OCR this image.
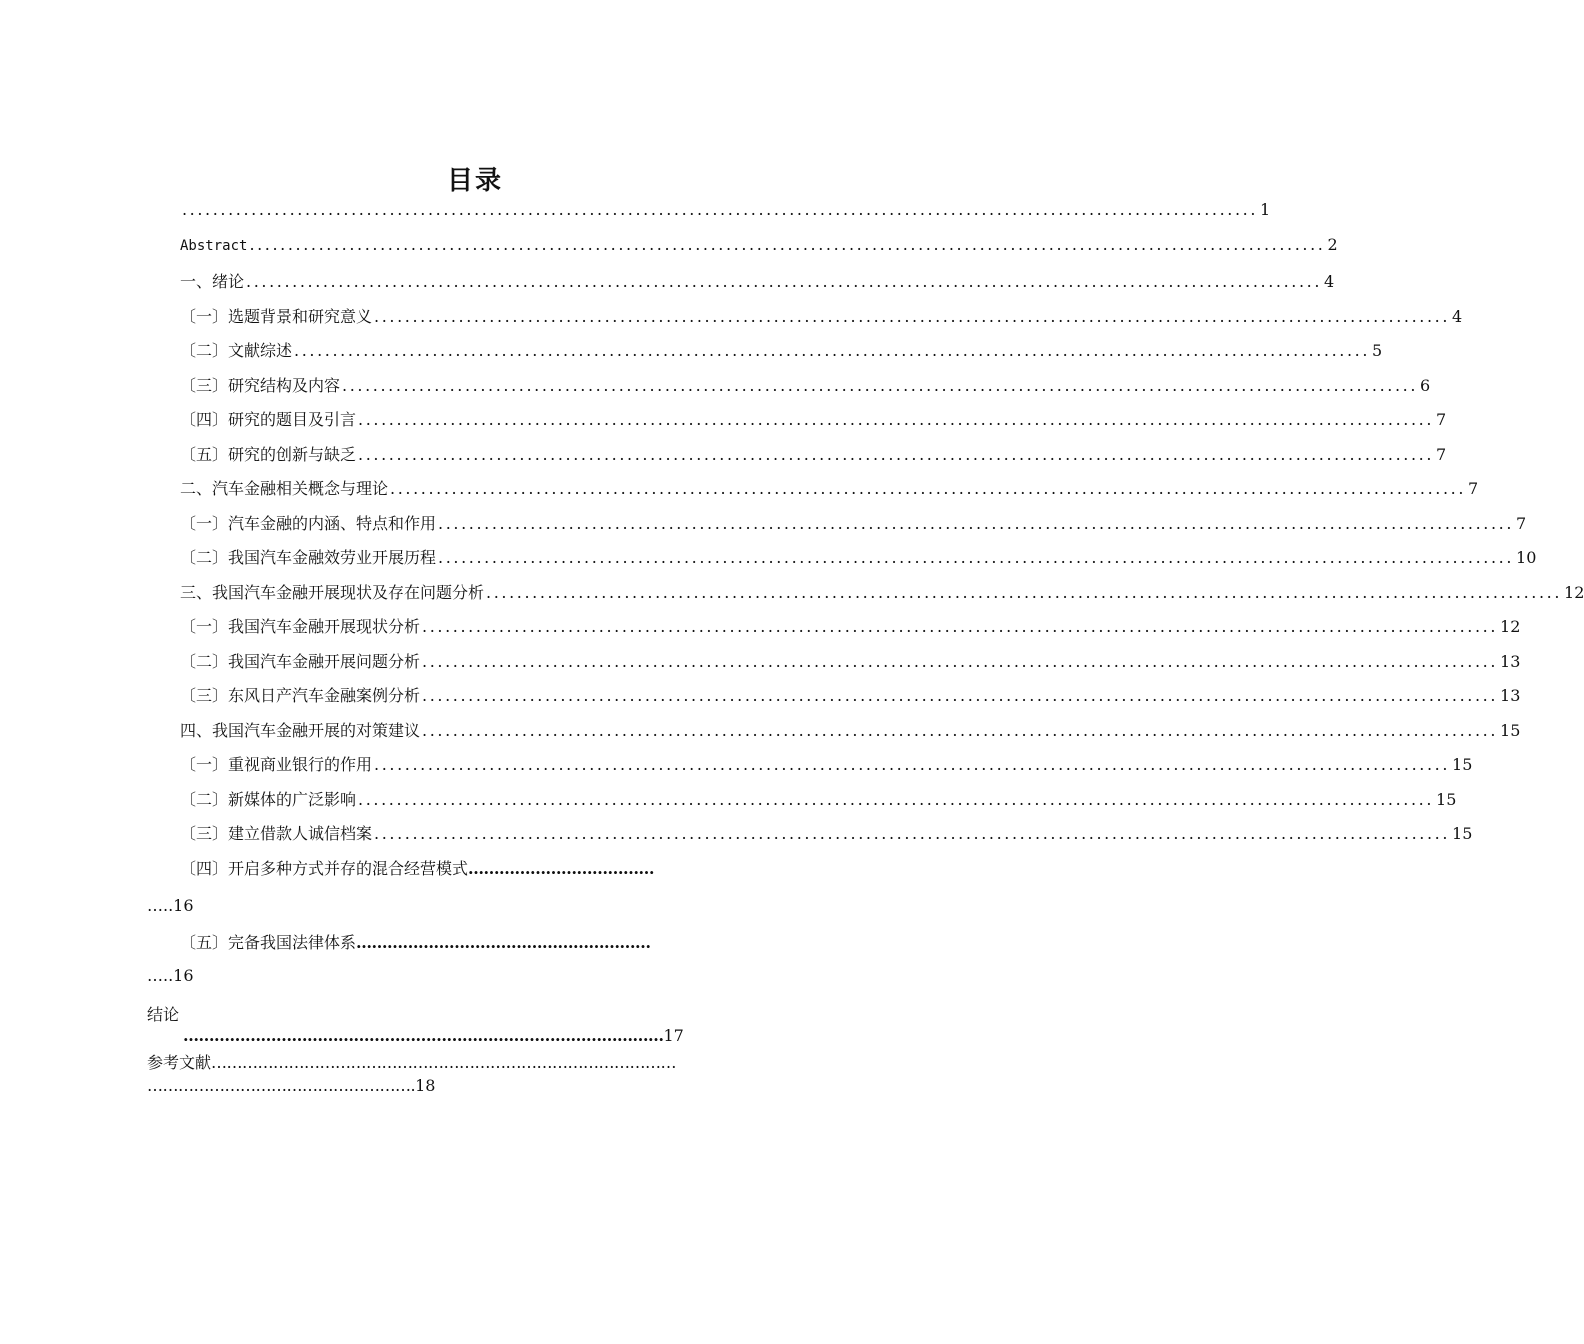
目录
............................................................................................................................................ 1
Abstract ............................................................................................................................................ 2
一、绪论 ............................................................................................................................................ 4
〔一〕选题背景和研究意义 ............................................................................................................................................ 4
〔二〕文献综述 ............................................................................................................................................ 5
〔三〕研究结构及内容 ............................................................................................................................................ 6
〔四〕研究的题目及引言 ............................................................................................................................................ 7
〔五〕研究的创新与缺乏 ............................................................................................................................................ 7
二、汽车金融相关概念与理论 ............................................................................................................................................ 7
〔一〕汽车金融的内涵、特点和作用 ............................................................................................................................................ 7
〔二〕我国汽车金融效劳业开展历程 ............................................................................................................................................ 10
三、我国汽车金融开展现状及存在问题分析 ............................................................................................................................................ 12
〔一〕我国汽车金融开展现状分析 ............................................................................................................................................ 12
〔二〕我国汽车金融开展问题分析 ............................................................................................................................................ 13
〔三〕东风日产汽车金融案例分析 ............................................................................................................................................ 13
四、我国汽车金融开展的对策建议 ............................................................................................................................................ 15
〔一〕重视商业银行的作用 ............................................................................................................................................ 15
〔二〕新媒体的广泛影响 ............................................................................................................................................ 15
〔三〕建立借款人诚信档案 ............................................................................................................................................ 15
〔四〕开启多种方式并存的混合经营模式………………………………
…..16
〔五〕完备我国法律体系…………………………………………………
…..16
结论
…………………………………………………………………………………17
参考文献………………………………………………………………………………
…………………………………………….18
